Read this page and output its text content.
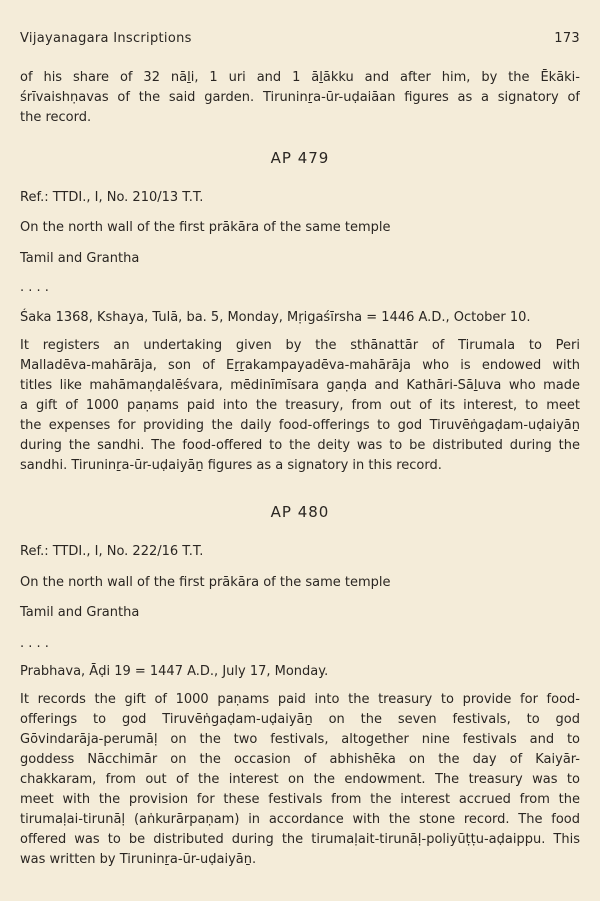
Vijayanagara Inscriptions	173
of his share of 32 nāḻi, 1 uri and 1 āḻākku and after him, by the Ēkāki-
śrīvaishṇavas of the said garden. Tiruninṟa-ūr-uḍaiāan figures as a signatory of
the record.
AP 479
Ref.: TTDI., I, No. 210/13 T.T.
On the north wall of the first prākāra of the same temple
Tamil and Grantha
. . . .
Śaka 1368, Kshaya, Tulā, ba. 5, Monday, Mṛigaśīrsha = 1446 A.D., October 10.
It registers an undertaking given by the sthānattār of Tirumala to Peri
Malladēva-mahārāja, son of Eṟṟakampayadēva-mahārāja who is endowed with
titles like mahāmaṇḍalēśvara, mēdinīmīsara gaṇḍa and Kathāri-Sāḻuva who made
a gift of 1000 paṇams paid into the treasury, from out of its interest, to meet
the expenses for providing the daily food-offerings to god Tiruvēṅgaḍam-uḍaiyāṉ
during the sandhi. The food-offered to the deity was to be distributed during the
sandhi. Tiruninṟa-ūr-uḍaiyāṉ figures as a signatory in this record.
AP 480
Ref.: TTDI., I, No. 222/16 T.T.
On the north wall of the first prākāra of the same temple
Tamil and Grantha
. . . .
Prabhava, Āḍi 19 = 1447 A.D., July 17, Monday.
It records the gift of 1000 paṇams paid into the treasury to provide for food-
offerings to god Tiruvēṅgaḍam-uḍaiyāṉ on the seven festivals, to god
Gōvindarāja-perumāḷ on the two festivals, altogether nine festivals and to
goddess Nācchimār on the occasion of abhishēka on the day of Kaiyār-
chakkaram, from out of the interest on the endowment. The treasury was to
meet with the provision for these festivals from the interest accrued from the
tirumaḷai-tirunāḷ (aṅkurārpaṇam) in accordance with the stone record. The food
offered was to be distributed during the tirumaḷait-tirunāḷ-poliyūṭṭu-aḍaippu. This
was written by Tiruninṟa-ūr-uḍaiyāṉ.
